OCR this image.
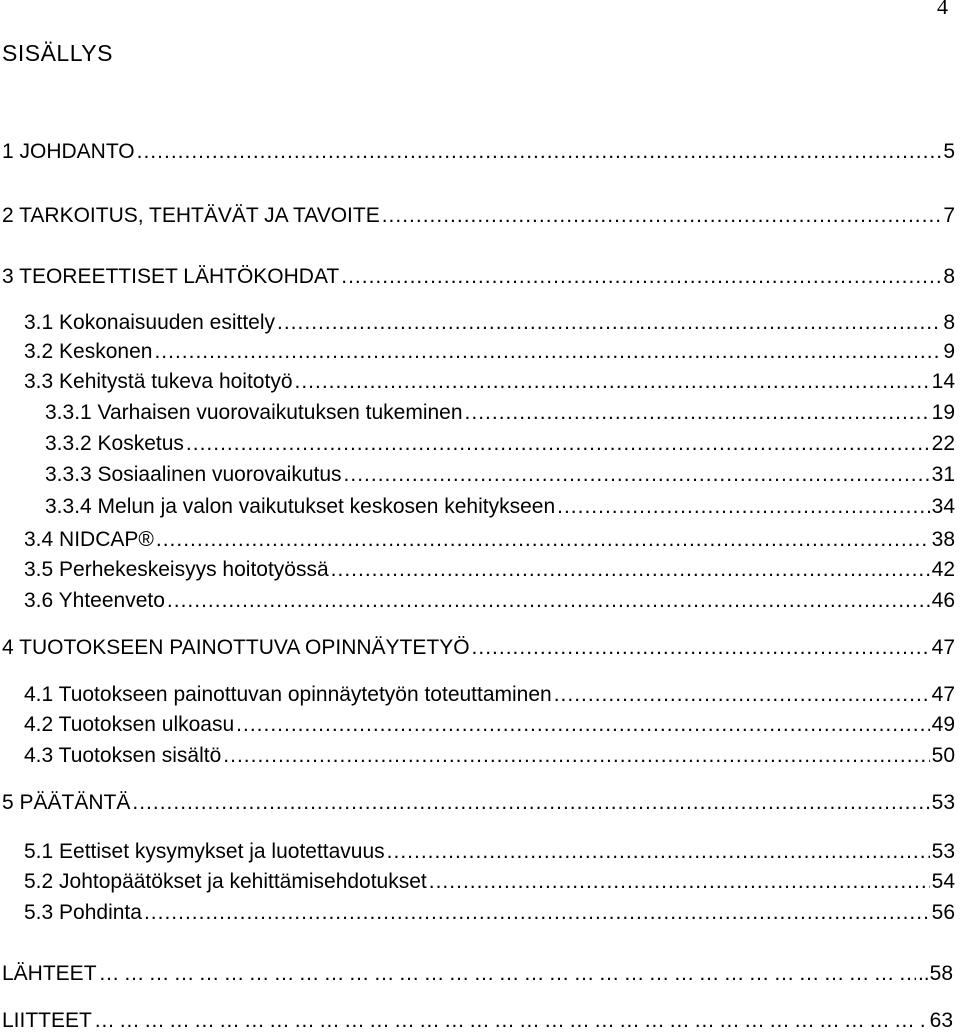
4
SISÄLLYS
1 JOHDANTO .....	5
2 TARKOITUS, TEHTÄVÄT JA TAVOITE .....	7
3 TEOREETTISET LÄHTÖKOHDAT .....	8
3.1 Kokonaisuuden esittely .....	8
3.2 Keskonen .....	9
3.3 Kehitystä tukeva hoitotyö .....	14
3.3.1 Varhaisen vuorovaikutuksen tukeminen .....	19
3.3.2 Kosketus .....	22
3.3.3 Sosiaalinen vuorovaikutus .....	31
3.3.4 Melun ja valon vaikutukset keskosen kehitykseen .....	34
3.4 NIDCAP® .....	38
3.5 Perhekeskeisyys hoitotyössä .....	42
3.6 Yhteenveto .....	46
4 TUOTOKSEEN PAINOTTUVA OPINNÄYTETYÖ .....	47
4.1 Tuotokseen painottuvan opinnäytetyön toteuttaminen .....	47
4.2 Tuotoksen ulkoasu .....	49
4.3 Tuotoksen sisältö .....	50
5 PÄÄTÄNTÄ .....	53
5.1 Eettiset kysymykset ja luotettavuus .....	53
5.2 Johtopäätökset ja kehittämisehdotukset .....	54
5.3 Pohdinta .....	56
LÄHTEET ………………………………………………………………………………………………………………………………………………………………………………………………………	..58
LIITTEET ………………………………………………………………………………………………………………………………………………………………………………………………………	63
